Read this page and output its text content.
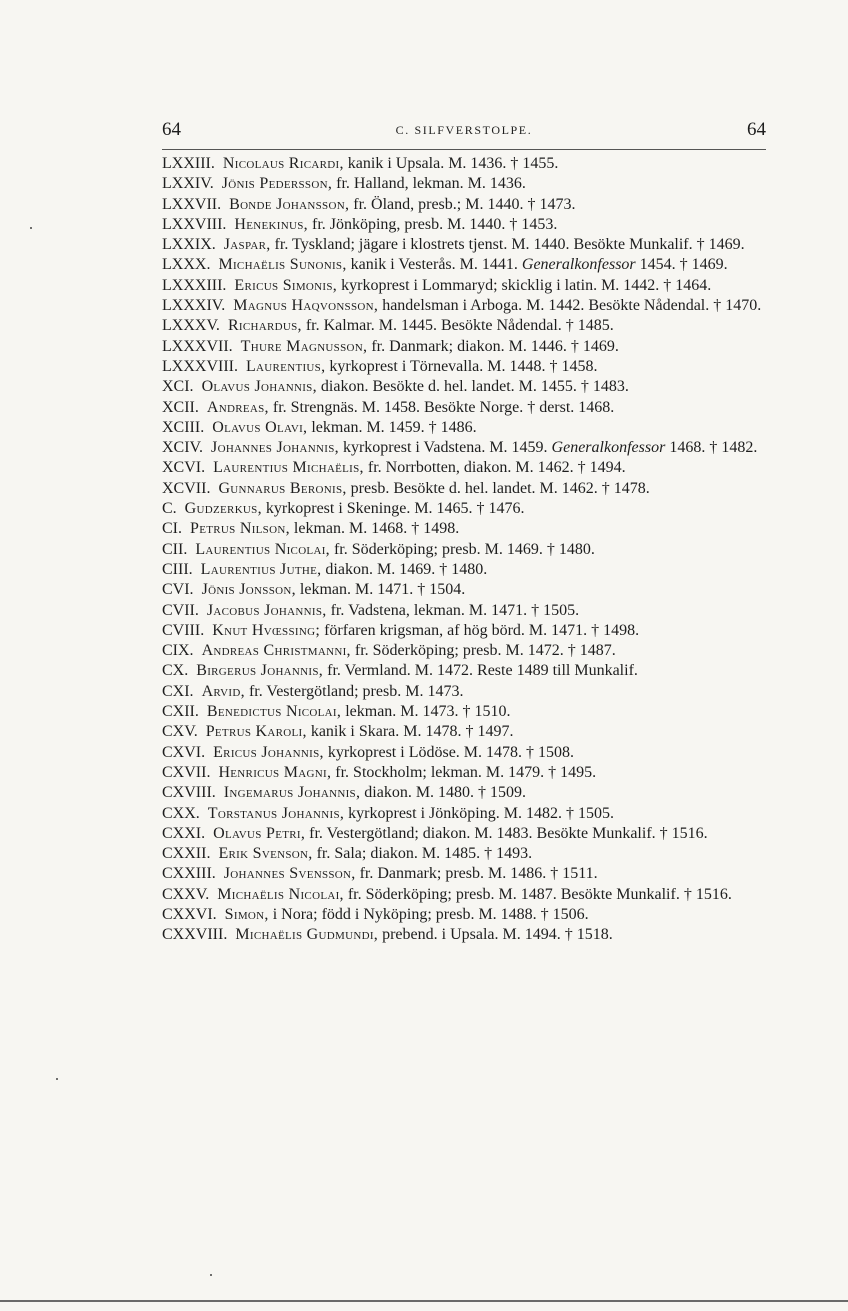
64	C. SILFVERSTOLPE.	64
LXXIII. Nicolaus Ricardi, kanik i Upsala. M. 1436. † 1455.
LXXIV. Jönis Pedersson, fr. Halland, lekman. M. 1436.
LXXVII. Bonde Johansson, fr. Öland, presb.; M. 1440. † 1473.
LXXVIII. Henekinus, fr. Jönköping, presb. M. 1440. † 1453.
LXXIX. Jaspar, fr. Tyskland; jägare i klostrets tjenst. M. 1440. Besökte Munkalif. † 1469.
LXXX. Michaëlis Sunonis, kanik i Vesterås. M. 1441. Generalkonfessor 1454. † 1469.
LXXXIII. Ericus Simonis, kyrkoprest i Lommaryd; skicklig i latin. M. 1442. † 1464.
LXXXIV. Magnus Haqvonsson, handelsman i Arboga. M. 1442. Besökte Nådendal. † 1470.
LXXXV. Richardus, fr. Kalmar. M. 1445. Besökte Nådendal. † 1485.
LXXXVII. Thure Magnusson, fr. Danmark; diakon. M. 1446. † 1469.
LXXXVIII. Laurentius, kyrkoprest i Törnevalla. M. 1448. † 1458.
XCI. Olavus Johannis, diakon. Besökte d. hel. landet. M. 1455. † 1483.
XCII. Andreas, fr. Strengnäs. M. 1458. Besökte Norge. † derst. 1468.
XCIII. Olavus Olavi, lekman. M. 1459. † 1486.
XCIV. Johannes Johannis, kyrkoprest i Vadstena. M. 1459. Generalkonfessor 1468. † 1482.
XCVI. Laurentius Michaëlis, fr. Norrbotten, diakon. M. 1462. † 1494.
XCVII. Gunnarus Beronis, presb. Besökte d. hel. landet. M. 1462. † 1478.
C. Gudzerkus, kyrkoprest i Skeninge. M. 1465. † 1476.
CI. Petrus Nilson, lekman. M. 1468. † 1498.
CII. Laurentius Nicolai, fr. Söderköping; presb. M. 1469. † 1480.
CIII. Laurentius Juthe, diakon. M. 1469. † 1480.
CVI. Jönis Jonsson, lekman. M. 1471. † 1504.
CVII. Jacobus Johannis, fr. Vadstena, lekman. M. 1471. † 1505.
CVIII. Knut Hvœssing; förfaren krigsman, af hög börd. M. 1471. † 1498.
CIX. Andreas Christmanni, fr. Söderköping; presb. M. 1472. † 1487.
CX. Birgerus Johannis, fr. Vermland. M. 1472. Reste 1489 till Munkalif.
CXI. Arvid, fr. Vestergötland; presb. M. 1473.
CXII. Benedictus Nicolai, lekman. M. 1473. † 1510.
CXV. Petrus Karoli, kanik i Skara. M. 1478. † 1497.
CXVI. Ericus Johannis, kyrkoprest i Lödöse. M. 1478. † 1508.
CXVII. Henricus Magni, fr. Stockholm; lekman. M. 1479. † 1495.
CXVIII. Ingemarus Johannis, diakon. M. 1480. † 1509.
CXX. Torstanus Johannis, kyrkoprest i Jönköping. M. 1482. † 1505.
CXXI. Olavus Petri, fr. Vestergötland; diakon. M. 1483. Besökte Munkalif. † 1516.
CXXII. Erik Svenson, fr. Sala; diakon. M. 1485. † 1493.
CXXIII. Johannes Svensson, fr. Danmark; presb. M. 1486. † 1511.
CXXV. Michaëlis Nicolai, fr. Söderköping; presb. M. 1487. Besökte Munkalif. † 1516.
CXXVI. Simon, i Nora; född i Nyköping; presb. M. 1488. † 1506.
CXXVIII. Michaëlis Gudmundi, prebend. i Upsala. M. 1494. † 1518.
